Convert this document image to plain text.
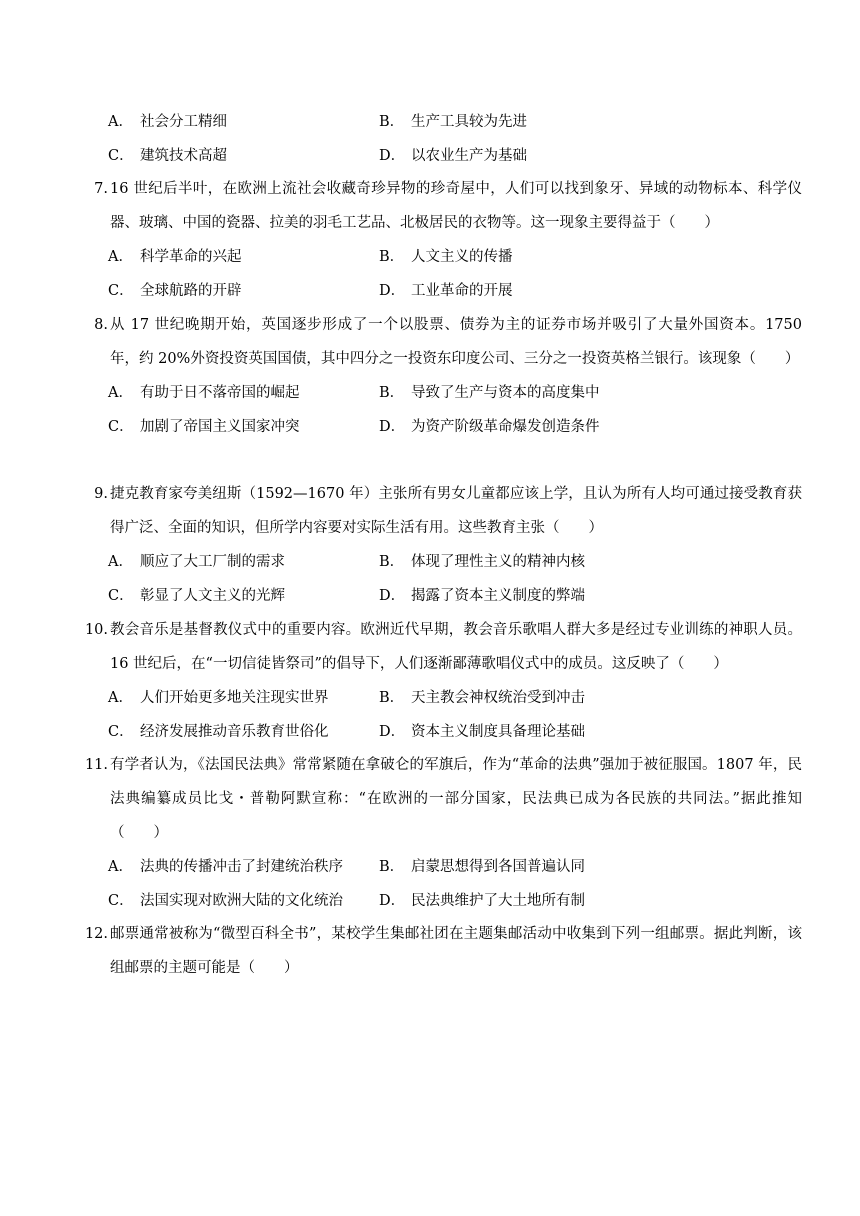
A． 社会分工精细	B． 生产工具较为先进
C． 建筑技术高超	D． 以农业生产为基础
7. 16 世纪后半叶，在欧洲上流社会收藏奇珍异物的珍奇屋中，人们可以找到象牙、异域的动物标本、科学仪器、玻璃、中国的瓷器、拉美的羽毛工艺品、北极居民的衣物等。这一现象主要得益于（　　）
A． 科学革命的兴起	B． 人文主义的传播
C． 全球航路的开辟	D． 工业革命的开展
8. 从 17 世纪晚期开始，英国逐步形成了一个以股票、债券为主的证券市场并吸引了大量外国资本。1750 年，约 20%外资投资英国国债，其中四分之一投资东印度公司、三分之一投资英格兰银行。该现象（　　）
A． 有助于日不落帝国的崛起	B． 导致了生产与资本的高度集中
C． 加剧了帝国主义国家冲突	D． 为资产阶级革命爆发创造条件
9. 捷克教育家夸美纽斯（1592—1670 年）主张所有男女儿童都应该上学，且认为所有人均可通过接受教育获得广泛、全面的知识，但所学内容要对实际生活有用。这些教育主张（　　）
A． 顺应了大工厂制的需求	B． 体现了理性主义的精神内核
C． 彰显了人文主义的光辉	D． 揭露了资本主义制度的弊端
10. 教会音乐是基督教仪式中的重要内容。欧洲近代早期，教会音乐歌唱人群大多是经过专业训练的神职人员。16 世纪后，在“一切信徒皆祭司”的倡导下，人们逐渐鄙薄歌唱仪式中的成员。这反映了（　　）
A． 人们开始更多地关注现实世界	B． 天主教会神权统治受到冲击
C． 经济发展推动音乐教育世俗化	D． 资本主义制度具备理论基础
11. 有学者认为，《法国民法典》常常紧随在拿破仑的军旗后，作为“革命的法典”强加于被征服国。1807 年，民法典编纂成员比戈・普勒阿默宣称：“在欧洲的一部分国家，民法典已成为各民族的共同法。”据此推知（　　）
A． 法典的传播冲击了封建统治秩序	B． 启蒙思想得到各国普遍认同
C． 法国实现对欧洲大陆的文化统治	D． 民法典维护了大土地所有制
12. 邮票通常被称为“微型百科全书”，某校学生集邮社团在主题集邮活动中收集到下列一组邮票。据此判断，该组邮票的主题可能是（　　）
